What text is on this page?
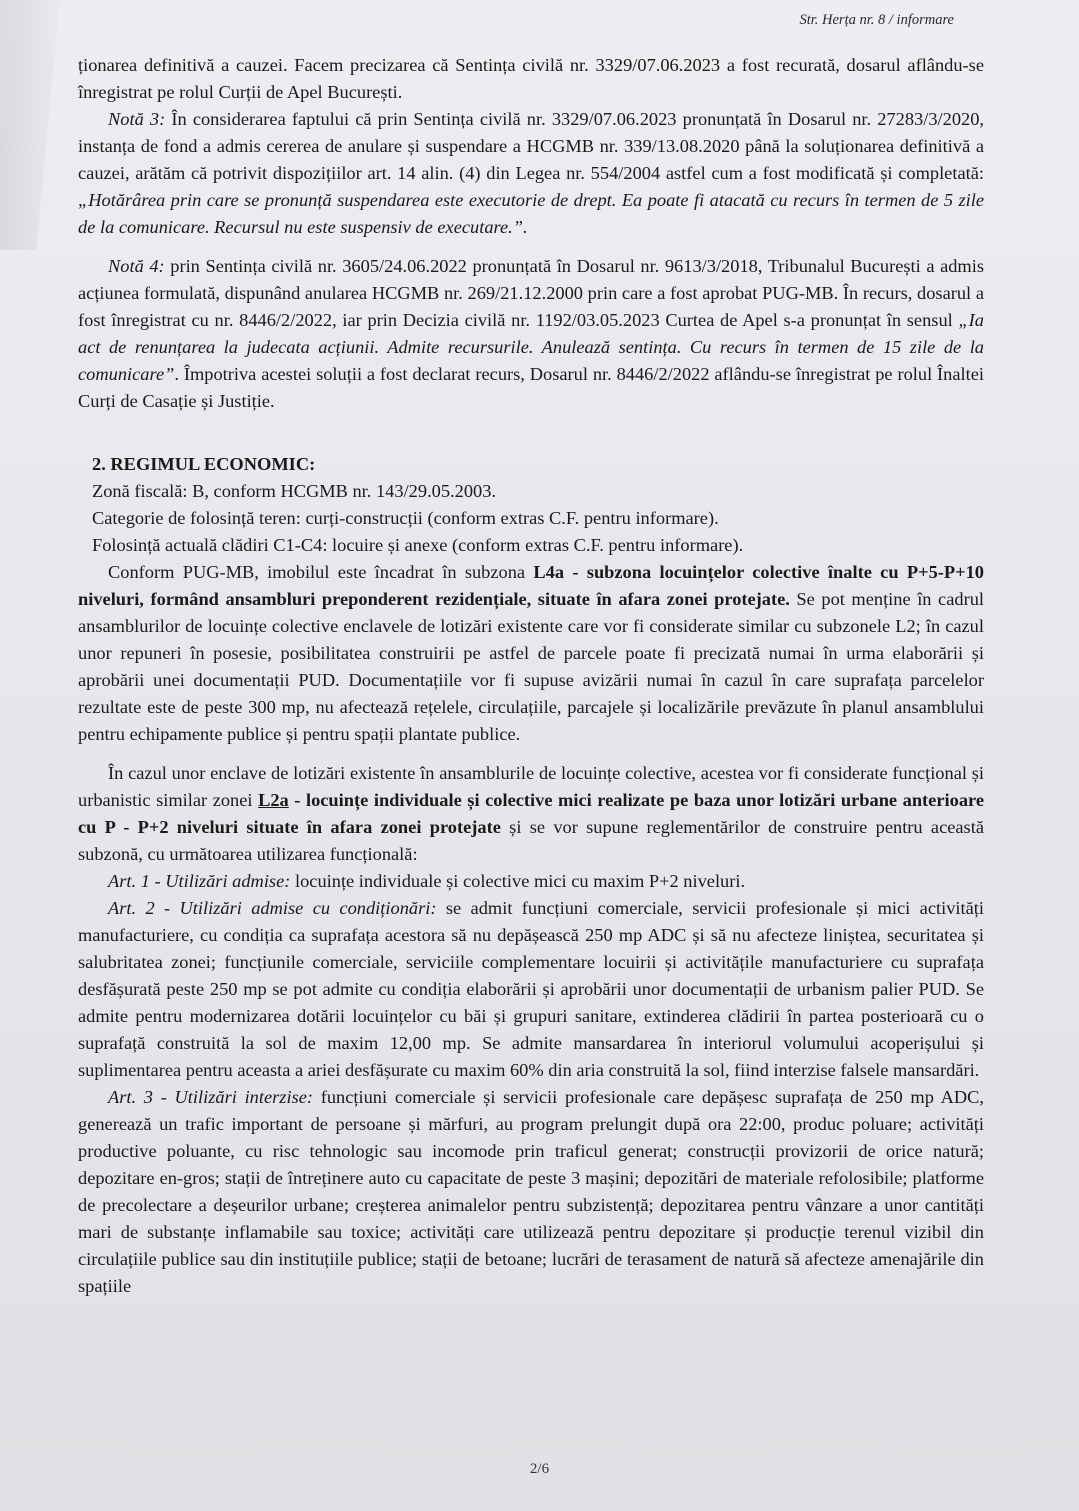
Str. Herța nr. 8 / informare

ționarea definitivă a cauzei. Facem precizarea că Sentința civilă nr. 3329/07.06.2023 a fost recurată, dosarul aflându-se înregistrat pe rolul Curții de Apel București.

Notă 3: În considerarea faptului că prin Sentința civilă nr. 3329/07.06.2023 pronunțată în Dosarul nr. 27283/3/2020, instanța de fond a admis cererea de anulare și suspendare a HCGMB nr. 339/13.08.2020 până la soluționarea definitivă a cauzei, arătăm că potrivit dispozițiilor art. 14 alin. (4) din Legea nr. 554/2004 astfel cum a fost modificată și completată: „Hotărârea prin care se pronunță suspendarea este executorie de drept. Ea poate fi atacată cu recurs în termen de 5 zile de la comunicare. Recursul nu este suspensiv de executare.”.

Notă 4: prin Sentința civilă nr. 3605/24.06.2022 pronunțată în Dosarul nr. 9613/3/2018, Tribunalul București a admis acțiunea formulată, dispunând anularea HCGMB nr. 269/21.12.2000 prin care a fost aprobat PUG-MB. În recurs, dosarul a fost înregistrat cu nr. 8446/2/2022, iar prin Decizia civilă nr. 1192/03.05.2023 Curtea de Apel s-a pronunțat în sensul „Ia act de renunțarea la judecata acțiunii. Admite recursurile. Anulează sentința. Cu recurs în termen de 15 zile de la comunicare”. Împotriva acestei soluții a fost declarat recurs, Dosarul nr. 8446/2/2022 aflându-se înregistrat pe rolul Înaltei Curți de Casație și Justiție.

2. REGIMUL ECONOMIC:

Zonă fiscală: B, conform HCGMB nr. 143/29.05.2003.

Categorie de folosință teren: curți-construcții (conform extras C.F. pentru informare).

Folosință actuală clădiri C1-C4: locuire și anexe (conform extras C.F. pentru informare).

Conform PUG-MB, imobilul este încadrat în subzona L4a - subzona locuințelor colective înalte cu P+5-P+10 niveluri, formând ansambluri preponderent rezidențiale, situate în afara zonei protejate. Se pot menține în cadrul ansamblurilor de locuințe colective enclavele de lotizări existente care vor fi considerate similar cu subzonele L2; în cazul unor repuneri în posesie, posibilitatea construirii pe astfel de parcele poate fi precizată numai în urma elaborării și aprobării unei documentații PUD. Documentațiile vor fi supuse avizării numai în cazul în care suprafața parcelelor rezultate este de peste 300 mp, nu afectează rețelele, circulațiile, parcajele și localizările prevăzute în planul ansamblului pentru echipamente publice și pentru spații plantate publice.

În cazul unor enclave de lotizări existente în ansamblurile de locuințe colective, acestea vor fi considerate funcțional și urbanistic similar zonei L2a - locuințe individuale și colective mici realizate pe baza unor lotizări urbane anterioare cu P - P+2 niveluri situate în afara zonei protejate și se vor supune reglementărilor de construire pentru această subzonă, cu următoarea utilizarea funcțională:

Art. 1 - Utilizări admise: locuințe individuale și colective mici cu maxim P+2 niveluri.

Art. 2 - Utilizări admise cu condiționări: se admit funcțiuni comerciale, servicii profesionale și mici activități manufacturiere, cu condiția ca suprafața acestora să nu depășească 250 mp ADC și să nu afecteze liniștea, securitatea și salubritatea zonei; funcțiunile comerciale, serviciile complementare locuirii și activitățile manufacturiere cu suprafața desfășurată peste 250 mp se pot admite cu condiția elaborării și aprobării unor documentații de urbanism palier PUD. Se admite pentru modernizarea dotării locuințelor cu băi și grupuri sanitare, extinderea clădirii în partea posterioară cu o suprafață construită la sol de maxim 12,00 mp. Se admite mansardarea în interiorul volumului acoperișului și suplimentarea pentru aceasta a ariei desfășurate cu maxim 60% din aria construită la sol, fiind interzise falsele mansardări.

Art. 3 - Utilizări interzise: funcțiuni comerciale și servicii profesionale care depășesc suprafața de 250 mp ADC, generează un trafic important de persoane și mărfuri, au program prelungit după ora 22:00, produc poluare; activități productive poluante, cu risc tehnologic sau incomode prin traficul generat; construcții provizorii de orice natură; depozitare en-gros; stații de întreținere auto cu capacitate de peste 3 mașini; depozitări de materiale refolosibile; platforme de precolectare a deșeurilor urbane; creșterea animalelor pentru subzistență; depozitarea pentru vânzare a unor cantități mari de substanțe inflamabile sau toxice; activități care utilizează pentru depozitare și producție terenul vizibil din circulațiile publice sau din instituțiile publice; stații de betoane; lucrări de terasament de natură să afecteze amenajările din spațiile

2/6
